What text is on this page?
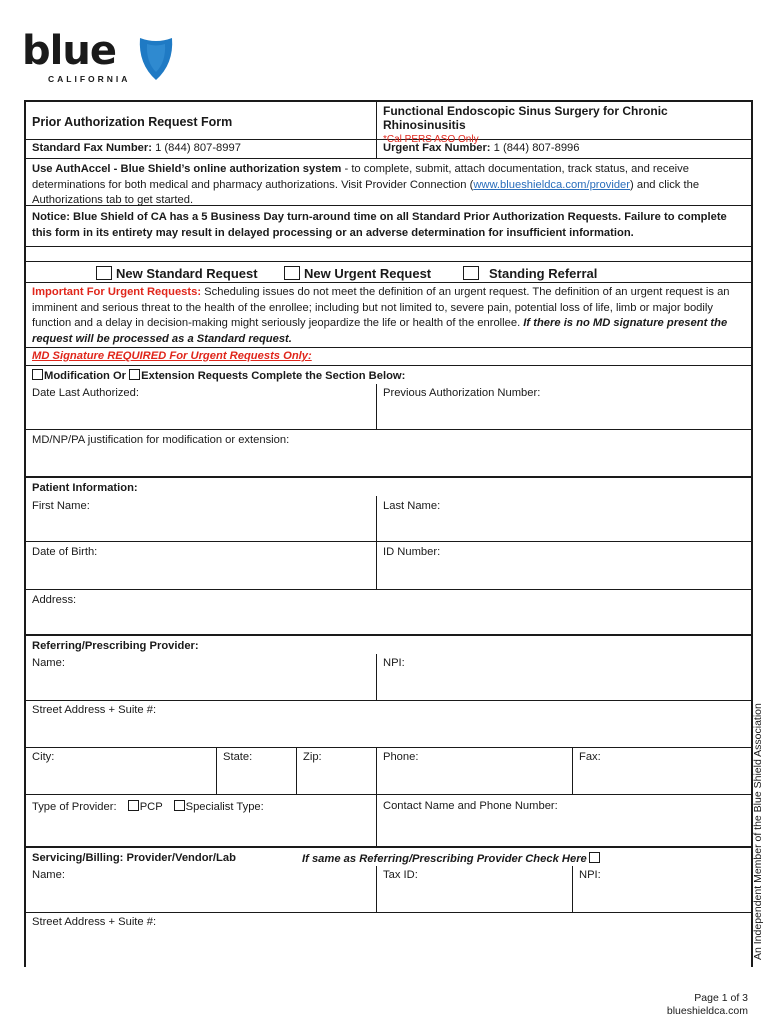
blue
CALIFORNIA
Prior Authorization Request Form
Functional Endoscopic Sinus Surgery for Chronic Rhinosinusitis
*Cal PERS ASO Only
Standard Fax Number: 1 (844) 807-8997	Urgent Fax Number: 1 (844) 807-8996
Use AuthAccel - Blue Shield’s online authorization system - to complete, submit, attach documentation, track status, and receive determinations for both medical and pharmacy authorizations. Visit Provider Connection (www.blueshieldca.com/provider) and click the Authorizations tab to get started.
Notice: Blue Shield of CA has a 5 Business Day turn-around time on all Standard Prior Authorization Requests. Failure to complete this form in its entirety may result in delayed processing or an adverse determination for insufficient information.
New Standard Request	New Urgent Request	Standing Referral
Important For Urgent Requests: Scheduling issues do not meet the definition of an urgent request. The definition of an urgent request is an imminent and serious threat to the health of the enrollee; including but not limited to, severe pain, potential loss of life, limb or major bodily function and a delay in decision-making might seriously jeopardize the life or health of the enrollee. If there is no MD signature present the request will be processed as a Standard request.
MD Signature REQUIRED For Urgent Requests Only:
Modification Or Extension Requests Complete the Section Below:
Date Last Authorized:	Previous Authorization Number:
MD/NP/PA justification for modification or extension:
Patient Information:
First Name:	Last Name:
Date of Birth:	ID Number:
Address:
Referring/Prescribing Provider:
Name:	NPI:
Street Address + Suite #:
City:	State:	Zip:	Phone:	Fax:
Type of Provider: PCP Specialist Type:	Contact Name and Phone Number:
Servicing/Billing: Provider/Vendor/Lab	If same as Referring/Prescribing Provider Check Here
Name:	Tax ID:	NPI:
Street Address + Suite #:	An Independent Member of the Blue Shield Association
Page 1 of 3
blueshieldca.com
